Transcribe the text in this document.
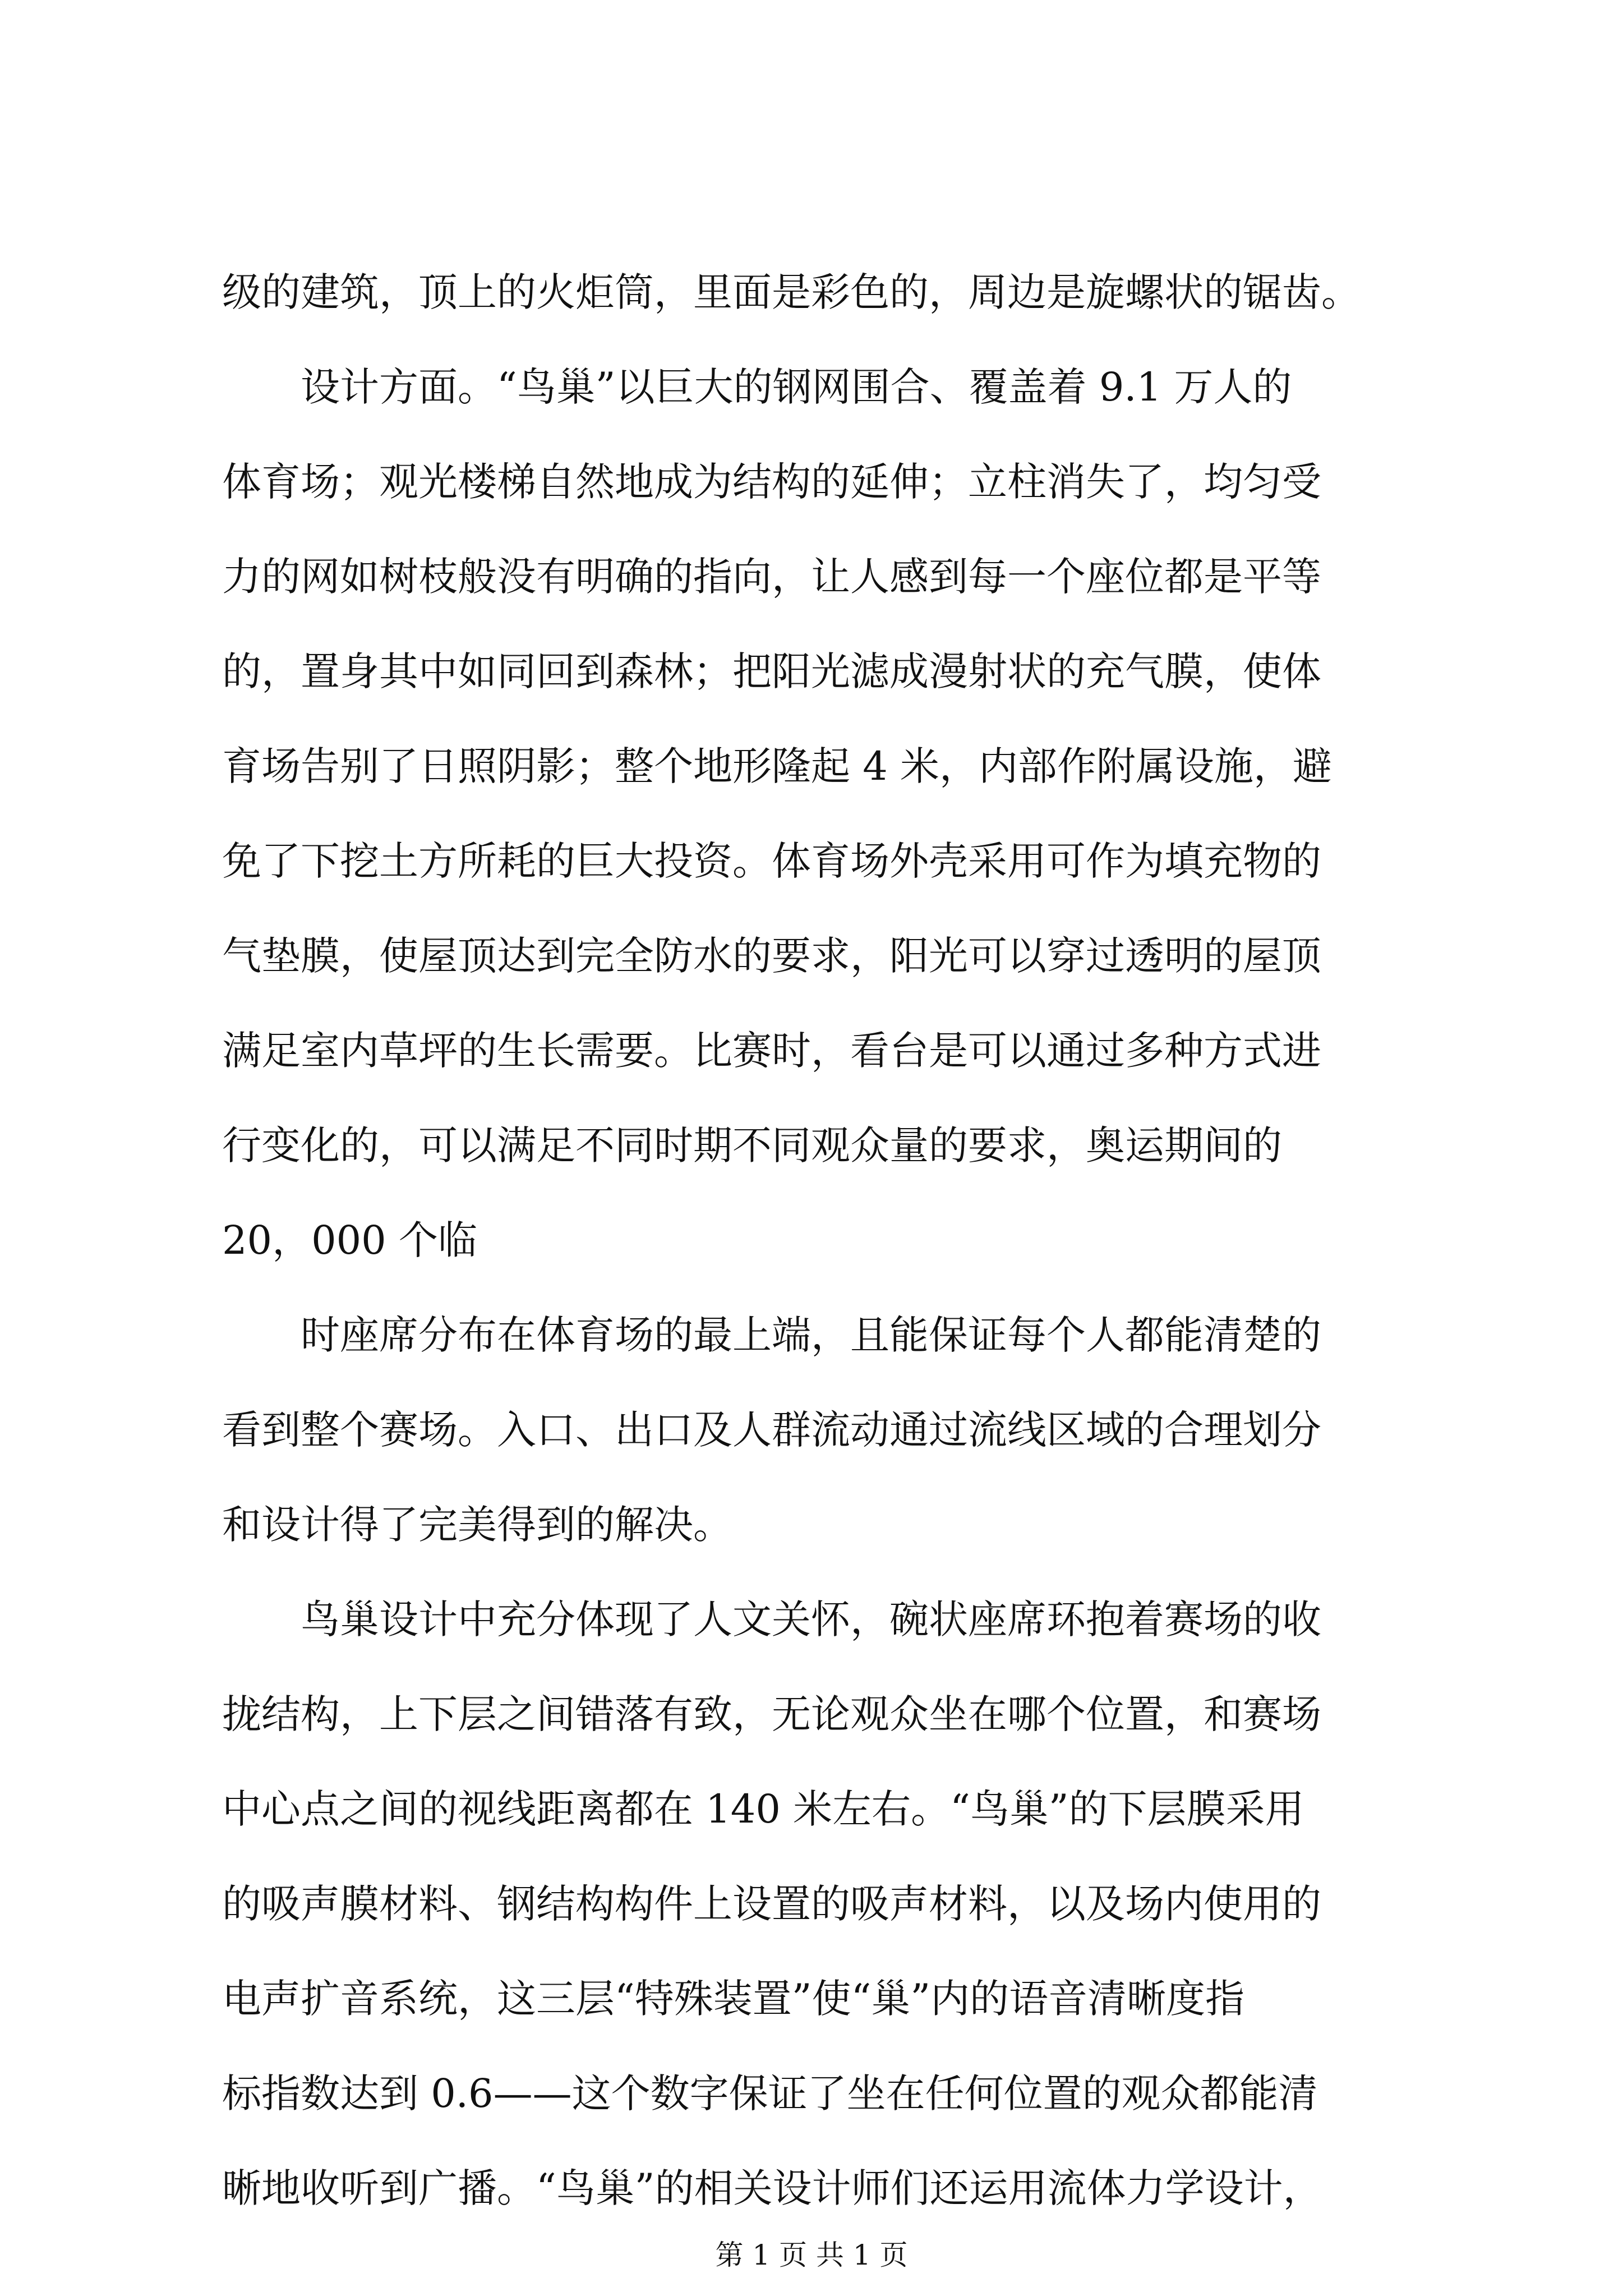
级的建筑，顶上的火炬筒，里面是彩色的，周边是旋螺状的锯齿。
设计方面。“鸟巢”以巨大的钢网围合、覆盖着 9.1 万人的
体育场；观光楼梯自然地成为结构的延伸；立柱消失了，均匀受
力的网如树枝般没有明确的指向，让人感到每一个座位都是平等
的，置身其中如同回到森林；把阳光滤成漫射状的充气膜，使体
育场告别了日照阴影；整个地形隆起 4 米，内部作附属设施，避
免了下挖土方所耗的巨大投资。体育场外壳采用可作为填充物的
气垫膜，使屋顶达到完全防水的要求，阳光可以穿过透明的屋顶
满足室内草坪的生长需要。比赛时，看台是可以通过多种方式进
行变化的，可以满足不同时期不同观众量的要求，奥运期间的
20，000 个临
时座席分布在体育场的最上端，且能保证每个人都能清楚的
看到整个赛场。入口、出口及人群流动通过流线区域的合理划分
和设计得了完美得到的解决。
鸟巢设计中充分体现了人文关怀，碗状座席环抱着赛场的收
拢结构，上下层之间错落有致，无论观众坐在哪个位置，和赛场
中心点之间的视线距离都在 140 米左右。“鸟巢”的下层膜采用
的吸声膜材料、钢结构构件上设置的吸声材料，以及场内使用的
电声扩音系统，这三层“特殊装置”使“巢”内的语音清晰度指
标指数达到 0.6——这个数字保证了坐在任何位置的观众都能清
晰地收听到广播。“鸟巢”的相关设计师们还运用流体力学设计，
第 1 页 共 1 页
